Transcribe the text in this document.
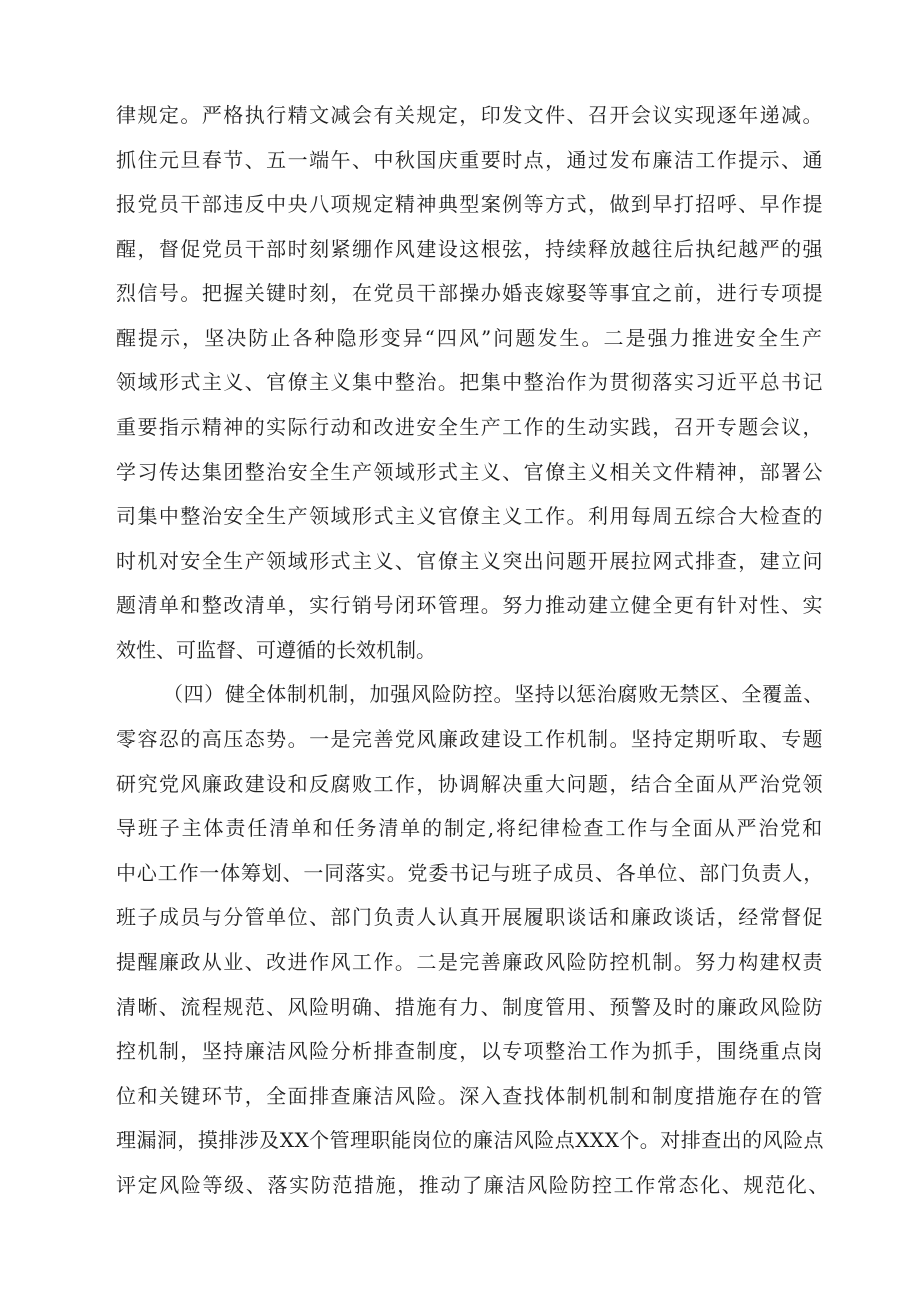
律规定。严格执行精文减会有关规定，印发文件、召开会议实现逐年递减。
抓住元旦春节、五一端午、中秋国庆重要时点，通过发布廉洁工作提示、通
报党员干部违反中央八项规定精神典型案例等方式，做到早打招呼、早作提
醒，督促党员干部时刻紧绷作风建设这根弦，持续释放越往后执纪越严的强
烈信号。把握关键时刻，在党员干部操办婚丧嫁娶等事宜之前，进行专项提
醒提示，坚决防止各种隐形变异“四风”问题发生。二是强力推进安全生产
领域形式主义、官僚主义集中整治。把集中整治作为贯彻落实习近平总书记
重要指示精神的实际行动和改进安全生产工作的生动实践，召开专题会议，
学习传达集团整治安全生产领域形式主义、官僚主义相关文件精神，部署公
司集中整治安全生产领域形式主义官僚主义工作。利用每周五综合大检查的
时机对安全生产领域形式主义、官僚主义突出问题开展拉网式排查，建立问
题清单和整改清单，实行销号闭环管理。努力推动建立健全更有针对性、实
效性、可监督、可遵循的长效机制。
（四）健全体制机制，加强风险防控。坚持以惩治腐败无禁区、全覆盖、
零容忍的高压态势。一是完善党风廉政建设工作机制。坚持定期听取、专题
研究党风廉政建设和反腐败工作，协调解决重大问题，结合全面从严治党领
导班子主体责任清单和任务清单的制定,将纪律检查工作与全面从严治党和
中心工作一体筹划、一同落实。党委书记与班子成员、各单位、部门负责人，
班子成员与分管单位、部门负责人认真开展履职谈话和廉政谈话，经常督促
提醒廉政从业、改进作风工作。二是完善廉政风险防控机制。努力构建权责
清晰、流程规范、风险明确、措施有力、制度管用、预警及时的廉政风险防
控机制，坚持廉洁风险分析排查制度，以专项整治工作为抓手，围绕重点岗
位和关键环节，全面排查廉洁风险。深入查找体制机制和制度措施存在的管
理漏洞，摸排涉及XX个管理职能岗位的廉洁风险点XXX个。对排查出的风险点
评定风险等级、落实防范措施，推动了廉洁风险防控工作常态化、规范化、
